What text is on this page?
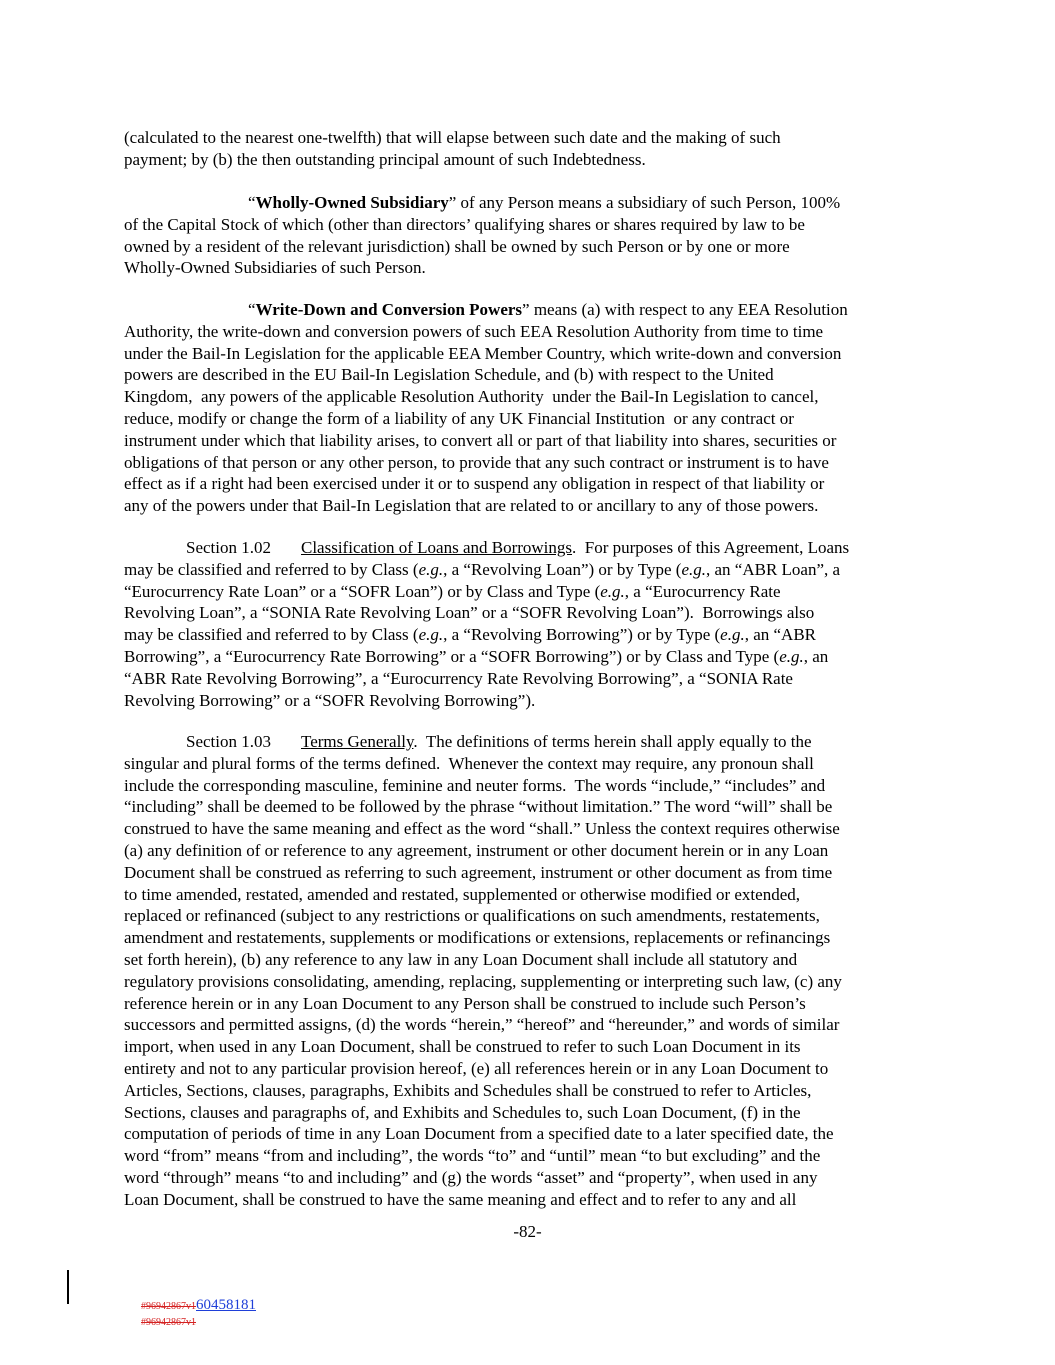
(calculated to the nearest one-twelfth) that will elapse between such date and the making of such
payment; by (b) the then outstanding principal amount of such Indebtedness.
“Wholly-Owned Subsidiary” of any Person means a subsidiary of such Person, 100%
of the Capital Stock of which (other than directors’ qualifying shares or shares required by law to be
owned by a resident of the relevant jurisdiction) shall be owned by such Person or by one or more
Wholly-Owned Subsidiaries of such Person.
“Write-Down and Conversion Powers” means (a) with respect to any EEA Resolution
Authority, the write-down and conversion powers of such EEA Resolution Authority from time to time
under the Bail-In Legislation for the applicable EEA Member Country, which write-down and conversion
powers are described in the EU Bail-In Legislation Schedule, and (b) with respect to the United
Kingdom,  any powers of the applicable Resolution Authority  under the Bail-In Legislation to cancel,
reduce, modify or change the form of a liability of any UK Financial Institution  or any contract or
instrument under which that liability arises, to convert all or part of that liability into shares, securities or
obligations of that person or any other person, to provide that any such contract or instrument is to have
effect as if a right had been exercised under it or to suspend any obligation in respect of that liability or
any of the powers under that Bail-In Legislation that are related to or ancillary to any of those powers.
Section 1.02 Classification of Loans and Borrowings.  For purposes of this Agreement, Loans
may be classified and referred to by Class (e.g., a “Revolving Loan”) or by Type (e.g., an “ABR Loan”, a
“Eurocurrency Rate Loan” or a “SOFR Loan”) or by Class and Type (e.g., a “Eurocurrency Rate
Revolving Loan”, a “SONIA Rate Revolving Loan” or a “SOFR Revolving Loan”).  Borrowings also
may be classified and referred to by Class (e.g., a “Revolving Borrowing”) or by Type (e.g., an “ABR
Borrowing”, a “Eurocurrency Rate Borrowing” or a “SOFR Borrowing”) or by Class and Type (e.g., an
“ABR Rate Revolving Borrowing”, a “Eurocurrency Rate Revolving Borrowing”, a “SONIA Rate
Revolving Borrowing” or a “SOFR Revolving Borrowing”).
Section 1.03 Terms Generally.  The definitions of terms herein shall apply equally to the
singular and plural forms of the terms defined.  Whenever the context may require, any pronoun shall
include the corresponding masculine, feminine and neuter forms.  The words “include,” “includes” and
“including” shall be deemed to be followed by the phrase “without limitation.” The word “will” shall be
construed to have the same meaning and effect as the word “shall.” Unless the context requires otherwise
(a) any definition of or reference to any agreement, instrument or other document herein or in any Loan
Document shall be construed as referring to such agreement, instrument or other document as from time
to time amended, restated, amended and restated, supplemented or otherwise modified or extended,
replaced or refinanced (subject to any restrictions or qualifications on such amendments, restatements,
amendment and restatements, supplements or modifications or extensions, replacements or refinancings
set forth herein), (b) any reference to any law in any Loan Document shall include all statutory and
regulatory provisions consolidating, amending, replacing, supplementing or interpreting such law, (c) any
reference herein or in any Loan Document to any Person shall be construed to include such Person’s
successors and permitted assigns, (d) the words “herein,” “hereof” and “hereunder,” and words of similar
import, when used in any Loan Document, shall be construed to refer to such Loan Document in its
entirety and not to any particular provision hereof, (e) all references herein or in any Loan Document to
Articles, Sections, clauses, paragraphs, Exhibits and Schedules shall be construed to refer to Articles,
Sections, clauses and paragraphs of, and Exhibits and Schedules to, such Loan Document, (f) in the
computation of periods of time in any Loan Document from a specified date to a later specified date, the
word “from” means “from and including”, the words “to” and “until” mean “to but excluding” and the
word “through” means “to and including” and (g) the words “asset” and “property”, when used in any
Loan Document, shall be construed to have the same meaning and effect and to refer to any and all
-82-

#96942867v160458181

#96942867v1
